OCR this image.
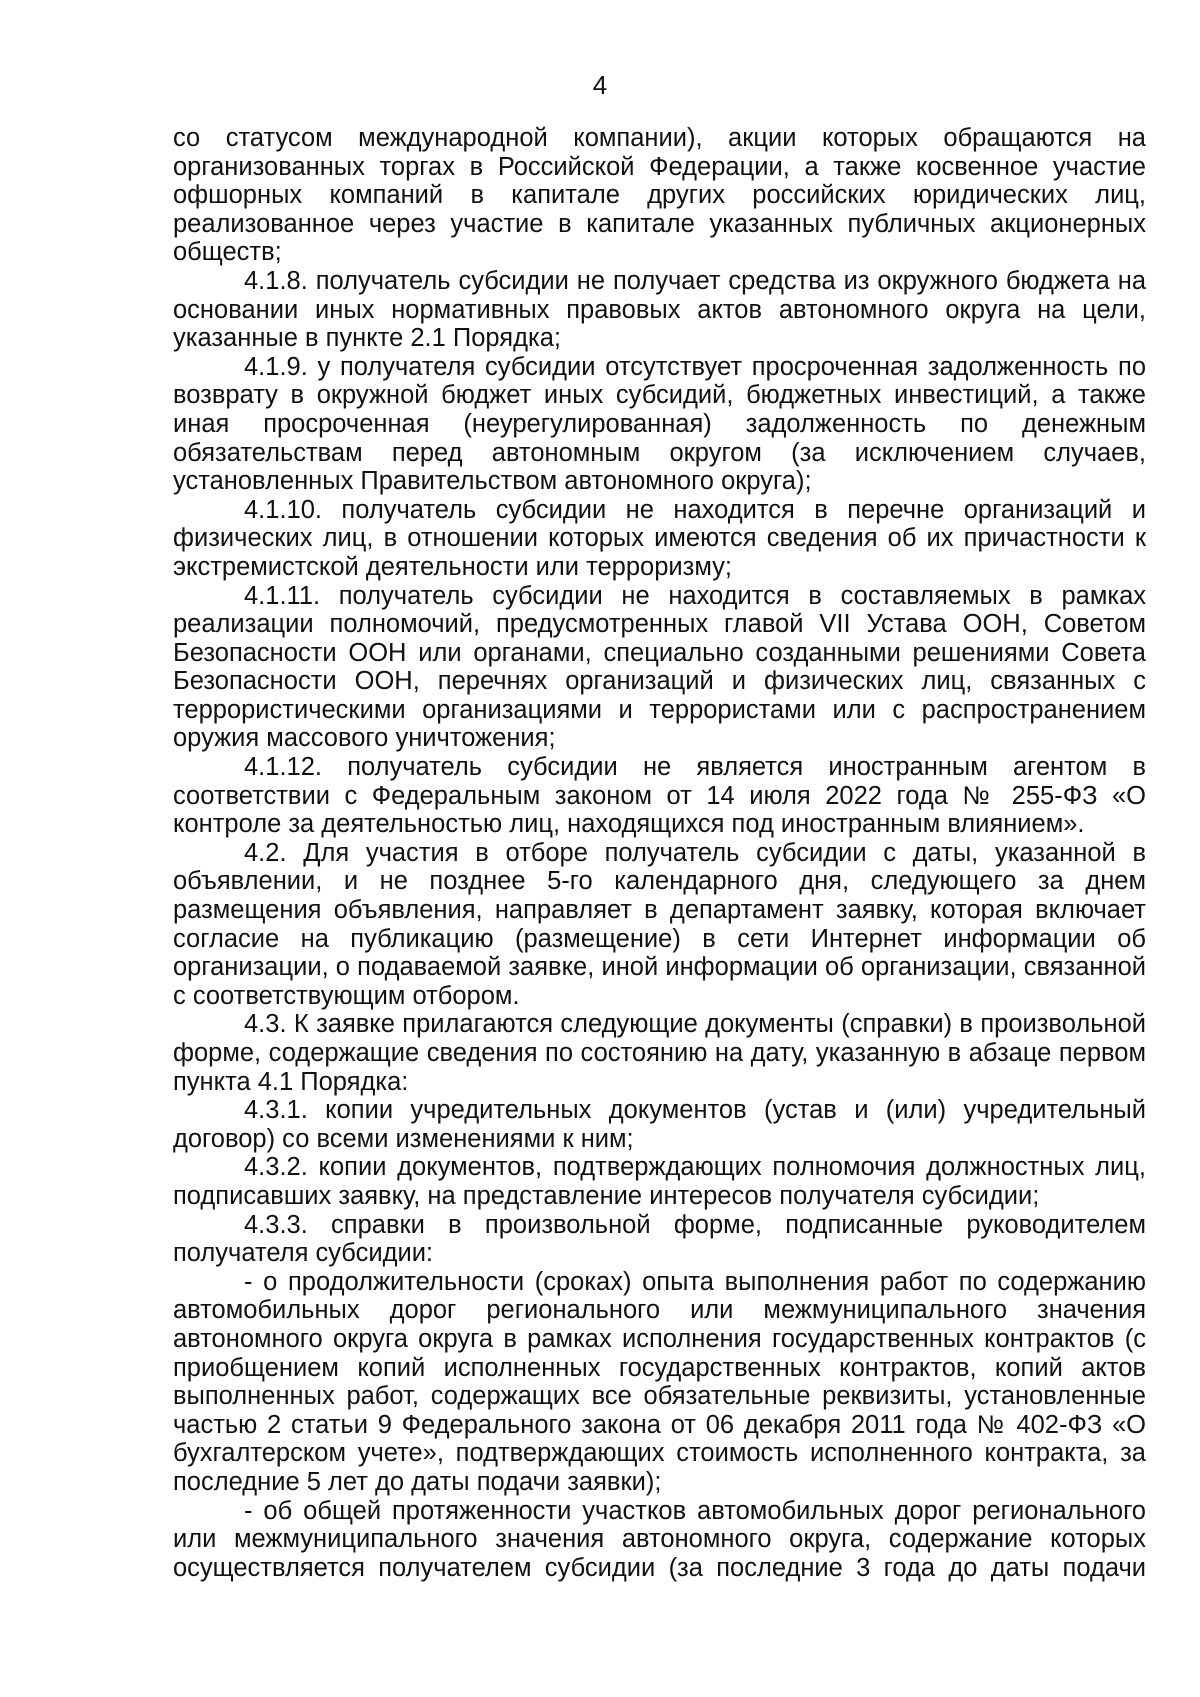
4

со статусом международной компании), акции которых обращаются на организованных торгах в Российской Федерации, а также косвенное участие офшорных компаний в капитале других российских юридических лиц, реализованное через участие в капитале указанных публичных акционерных обществ;

4.1.8. получатель субсидии не получает средства из окружного бюджета на основании иных нормативных правовых актов автономного округа на цели, указанные в пункте 2.1 Порядка;

4.1.9. у получателя субсидии отсутствует просроченная задолженность по возврату в окружной бюджет иных субсидий, бюджетных инвестиций, а также иная просроченная (неурегулированная) задолженность по денежным обязательствам перед автономным округом (за исключением случаев, установленных Правительством автономного округа);

4.1.10. получатель субсидии не находится в перечне организаций и физических лиц, в отношении которых имеются сведения об их причастности к экстремистской деятельности или терроризму;

4.1.11. получатель субсидии не находится в составляемых в рамках реализации полномочий, предусмотренных главой VII Устава ООН, Советом Безопасности ООН или органами, специально созданными решениями Совета Безопасности ООН, перечнях организаций и физических лиц, связанных с террористическими организациями и террористами или с распространением оружия массового уничтожения;

4.1.12. получатель субсидии не является иностранным агентом в соответствии с Федеральным законом от 14 июля 2022 года № 255-ФЗ «О контроле за деятельностью лиц, находящихся под иностранным влиянием».

4.2. Для участия в отборе получатель субсидии с даты, указанной в объявлении, и не позднее 5-го календарного дня, следующего за днем размещения объявления, направляет в департамент заявку, которая включает согласие на публикацию (размещение) в сети Интернет информации об организации, о подаваемой заявке, иной информации об организации, связанной с соответствующим отбором.

4.3. К заявке прилагаются следующие документы (справки) в произвольной форме, содержащие сведения по состоянию на дату, указанную в абзаце первом пункта 4.1 Порядка:

4.3.1. копии учредительных документов (устав и (или) учредительный договор) со всеми изменениями к ним;

4.3.2. копии документов, подтверждающих полномочия должностных лиц, подписавших заявку, на представление интересов получателя субсидии;

4.3.3. справки в произвольной форме, подписанные руководителем получателя субсидии:

- о продолжительности (сроках) опыта выполнения работ по содержанию автомобильных дорог регионального или межмуниципального значения автономного округа округа в рамках исполнения государственных контрактов (с приобщением копий исполненных государственных контрактов, копий актов выполненных работ, содержащих все обязательные реквизиты, установленные частью 2 статьи 9 Федерального закона от 06 декабря 2011 года № 402-ФЗ «О бухгалтерском учете», подтверждающих стоимость исполненного контракта, за последние 5 лет до даты подачи заявки);

- об общей протяженности участков автомобильных дорог регионального или межмуниципального значения автономного округа, содержание которых осуществляется получателем субсидии (за последние 3 года до даты подачи
